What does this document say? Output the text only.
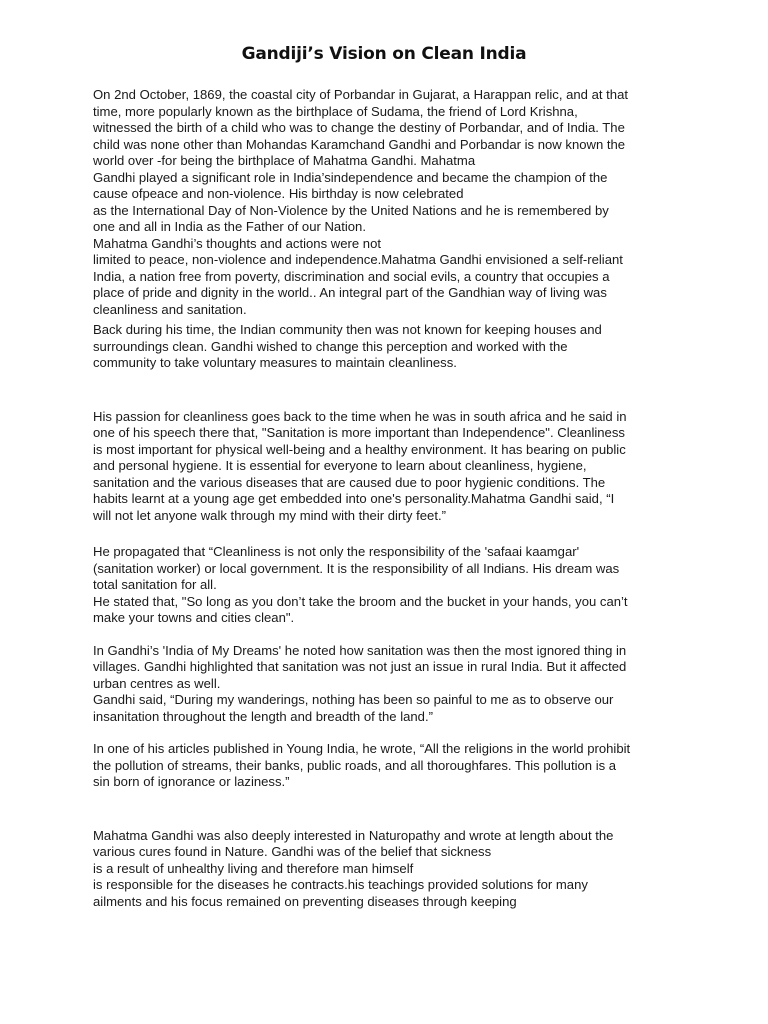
Gandiji’s Vision on Clean India

On 2nd October, 1869, the coastal city of Porbandar in Gujarat, a Harappan relic, and at that
time, more popularly known as the birthplace of Sudama, the friend of Lord Krishna,
witnessed the birth of a child who was to change the destiny of Porbandar, and of India. The
child was none other than Mohandas Karamchand Gandhi and Porbandar is now known the
world over -for being the birthplace of Mahatma Gandhi. Mahatma
Gandhi played a significant role in India’sindependence and became the champion of the
cause ofpeace and non-violence. His birthday is now celebrated
as the International Day of Non-Violence by the United Nations and he is remembered by
one and all in India as the Father of our Nation.
Mahatma Gandhi’s thoughts and actions were not
limited to peace, non-violence and independence.Mahatma Gandhi envisioned a self-reliant
India, a nation free from poverty, discrimination and social evils, a country that occupies a
place of pride and dignity in the world.. An integral part of the Gandhian way of living was
cleanliness and sanitation.

Back during his time, the Indian community then was not known for keeping houses and
surroundings clean. Gandhi wished to change this perception and worked with the
community to take voluntary measures to maintain cleanliness.

His passion for cleanliness goes back to the time when he was in south africa and he said in
one of his speech there that, "Sanitation is more important than Independence". Cleanliness
is most important for physical well-being and a healthy environment. It has bearing on public
and personal hygiene. It is essential for everyone to learn about cleanliness, hygiene,
sanitation and the various diseases that are caused due to poor hygienic conditions. The
habits learnt at a young age get embedded into one's personality.Mahatma Gandhi said, “I
will not let anyone walk through my mind with their dirty feet.”

He propagated that “Cleanliness is not only the responsibility of the 'safaai kaamgar'
(sanitation worker) or local government. It is the responsibility of all Indians. His dream was
total sanitation for all.
He stated that, "So long as you don’t take the broom and the bucket in your hands, you can’t
make your towns and cities clean".

In Gandhi’s 'India of My Dreams' he noted how sanitation was then the most ignored thing in
villages. Gandhi highlighted that sanitation was not just an issue in rural India. But it affected
urban centres as well.
Gandhi said, “During my wanderings, nothing has been so painful to me as to observe our
insanitation throughout the length and breadth of the land.”

In one of his articles published in Young India, he wrote, “All the religions in the world prohibit
the pollution of streams, their banks, public roads, and all thoroughfares. This pollution is a
sin born of ignorance or laziness.”

Mahatma Gandhi was also deeply interested in Naturopathy and wrote at length about the
various cures found in Nature. Gandhi was of the belief that sickness
is a result of unhealthy living and therefore man himself
is responsible for the diseases he contracts.his teachings provided solutions for many
ailments and his focus remained on preventing diseases through keeping
